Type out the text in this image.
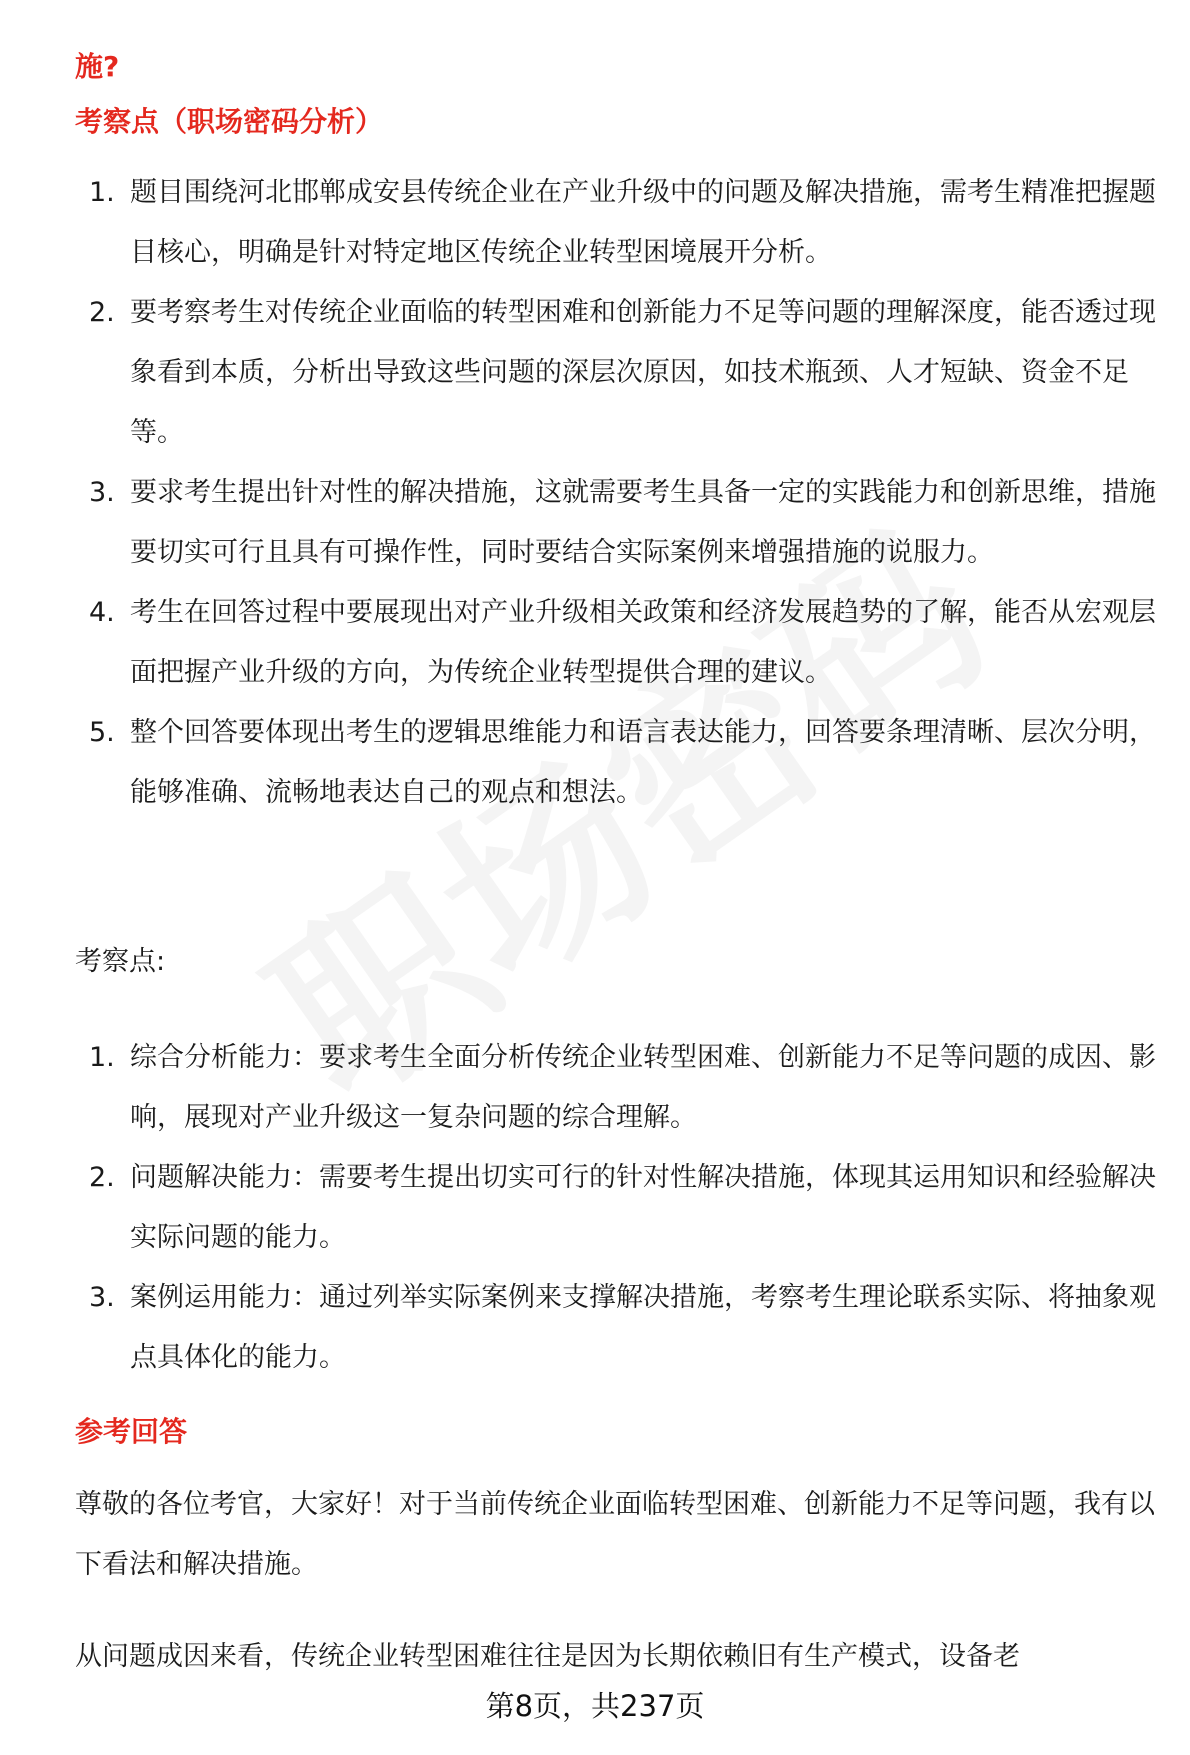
施?
考察点（职场密码分析）
1. 题目围绕河北邯郸成安县传统企业在产业升级中的问题及解决措施，需考生精准把握题目核心，明确是针对特定地区传统企业转型困境展开分析。
2. 要考察考生对传统企业面临的转型困难和创新能力不足等问题的理解深度，能否透过现象看到本质，分析出导致这些问题的深层次原因，如技术瓶颈、人才短缺、资金不足等。
3. 要求考生提出针对性的解决措施，这就需要考生具备一定的实践能力和创新思维，措施要切实可行且具有可操作性，同时要结合实际案例来增强措施的说服力。
4. 考生在回答过程中要展现出对产业升级相关政策和经济发展趋势的了解，能否从宏观层面把握产业升级的方向，为传统企业转型提供合理的建议。
5. 整个回答要体现出考生的逻辑思维能力和语言表达能力，回答要条理清晰、层次分明，能够准确、流畅地表达自己的观点和想法。

考察点:

1. 综合分析能力：要求考生全面分析传统企业转型困难、创新能力不足等问题的成因、影响，展现对产业升级这一复杂问题的综合理解。
2. 问题解决能力：需要考生提出切实可行的针对性解决措施，体现其运用知识和经验解决实际问题的能力。
3. 案例运用能力：通过列举实际案例来支撑解决措施，考察考生理论联系实际、将抽象观点具体化的能力。
参考回答

尊敬的各位考官，大家好！对于当前传统企业面临转型困难、创新能力不足等问题，我有以下看法和解决措施。

从问题成因来看，传统企业转型困难往往是因为长期依赖旧有生产模式，设备老

第8页，共237页
